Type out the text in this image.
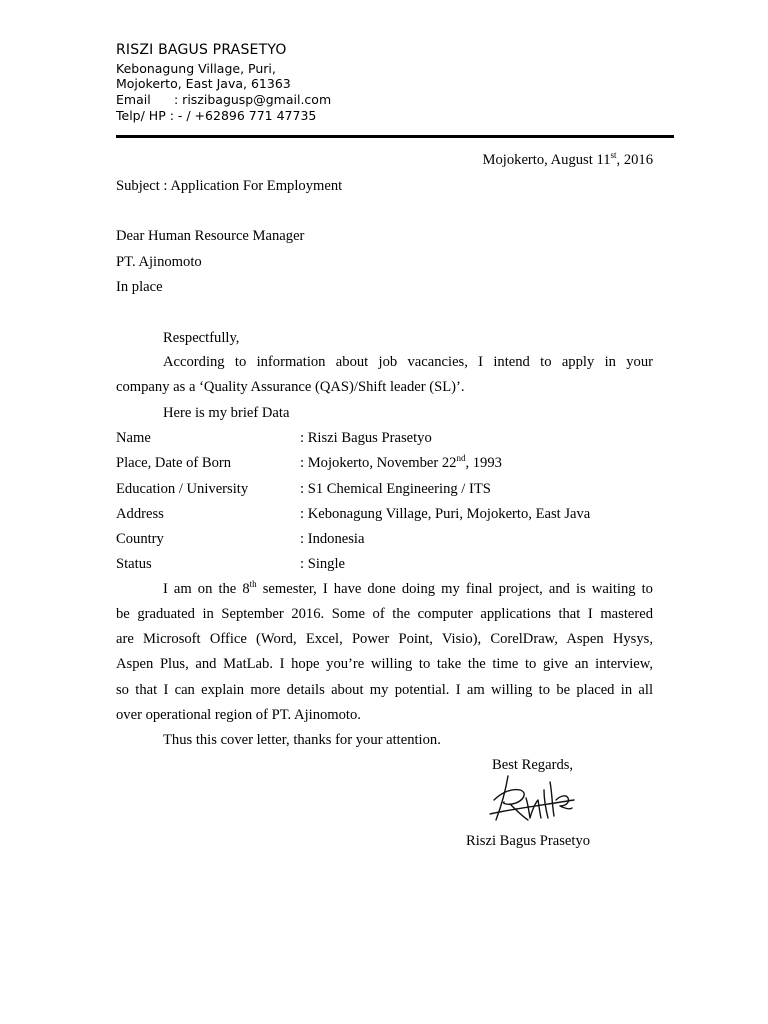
RISZI BAGUS PRASETYO
Kebonagung Village, Puri,
Mojokerto, East Java, 61363
Email : riszibagusp@gmail.com
Telp/ HP : - / +62896 771 47735
Mojokerto, August 11st, 2016
Subject : Application For Employment
Dear Human Resource Manager
PT. Ajinomoto
In place
Respectfully,
According to information about job vacancies, I intend to apply in your
company as a ‘Quality Assurance (QAS)/Shift leader (SL)’.
Here is my brief Data
Name	: Riszi Bagus Prasetyo
Place, Date of Born	: Mojokerto, November 22nd, 1993
Education / University	: S1 Chemical Engineering / ITS
Address	: Kebonagung Village, Puri, Mojokerto, East Java
Country	: Indonesia
Status	: Single
I am on the 8th semester, I have done doing my final project, and is waiting to
be graduated in September 2016. Some of the computer applications that I mastered
are Microsoft Office (Word, Excel, Power Point, Visio), CorelDraw, Aspen Hysys,
Aspen Plus, and MatLab. I hope you’re willing to take the time to give an interview,
so that I can explain more details about my potential. I am willing to be placed in all
over operational region of PT. Ajinomoto.
Thus this cover letter, thanks for your attention.
Best Regards,
Riszi Bagus Prasetyo
